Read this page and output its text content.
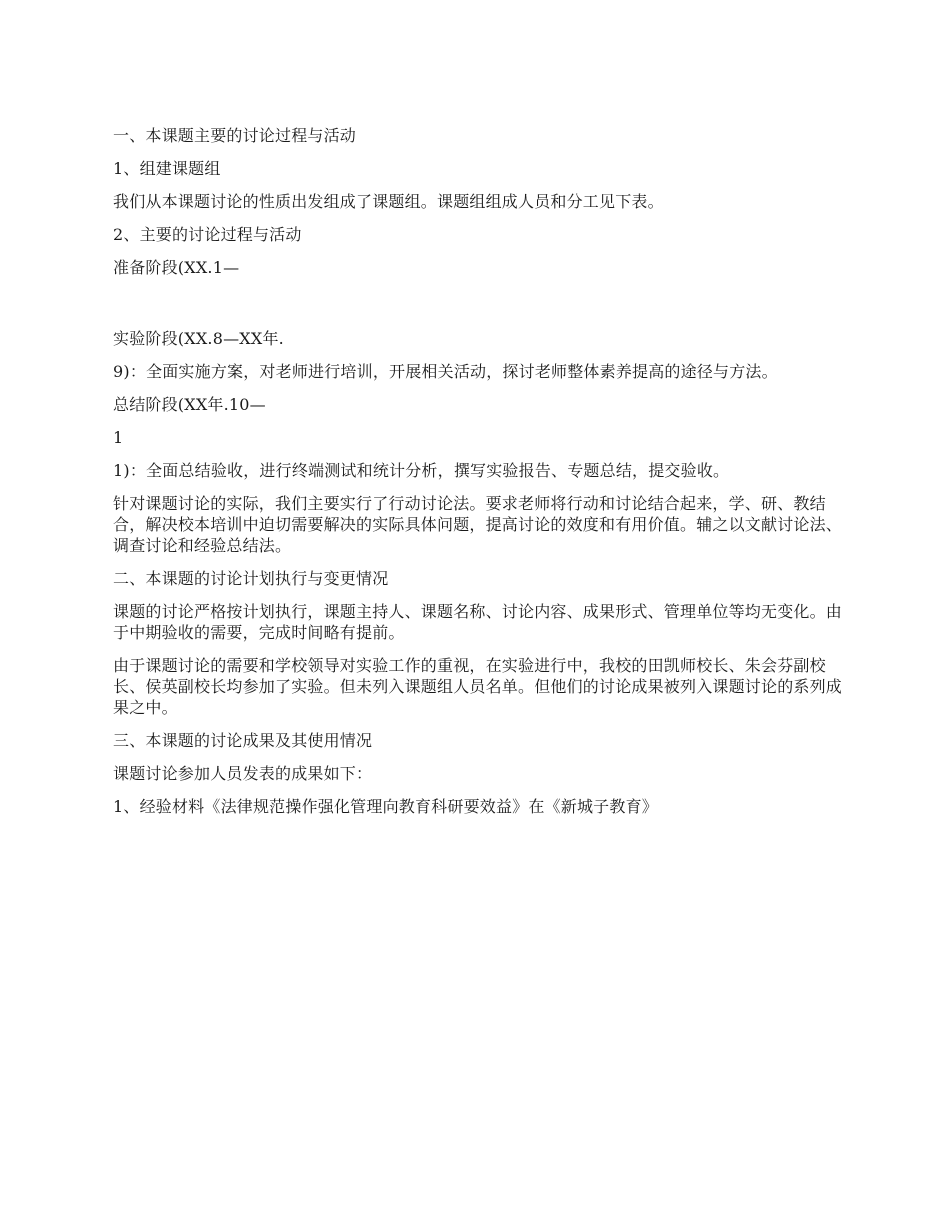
一、本课题主要的讨论过程与活动

1、组建课题组

我们从本课题讨论的性质出发组成了课题组。课题组组成人员和分工见下表。

2、主要的讨论过程与活动

准备阶段(XX.1—

实验阶段(XX.8—XX年.

9)：全面实施方案，对老师进行培训，开展相关活动，探讨老师整体素养提高的途径与方法。

总结阶段(XX年.10—

1

1)：全面总结验收，进行终端测试和统计分析，撰写实验报告、专题总结，提交验收。

针对课题讨论的实际，我们主要实行了行动讨论法。要求老师将行动和讨论结合起来，学、研、教结合，解决校本培训中迫切需要解决的实际具体问题，提高讨论的效度和有用价值。辅之以文献讨论法、调查讨论和经验总结法。

二、本课题的讨论计划执行与变更情况

课题的讨论严格按计划执行，课题主持人、课题名称、讨论内容、成果形式、管理单位等均无变化。由于中期验收的需要，完成时间略有提前。

由于课题讨论的需要和学校领导对实验工作的重视，在实验进行中，我校的田凯师校长、朱会芬副校长、侯英副校长均参加了实验。但未列入课题组人员名单。但他们的讨论成果被列入课题讨论的系列成果之中。

三、本课题的讨论成果及其使用情况

课题讨论参加人员发表的成果如下：

1、经验材料《法律规范操作强化管理向教育科研要效益》在《新城子教育》
